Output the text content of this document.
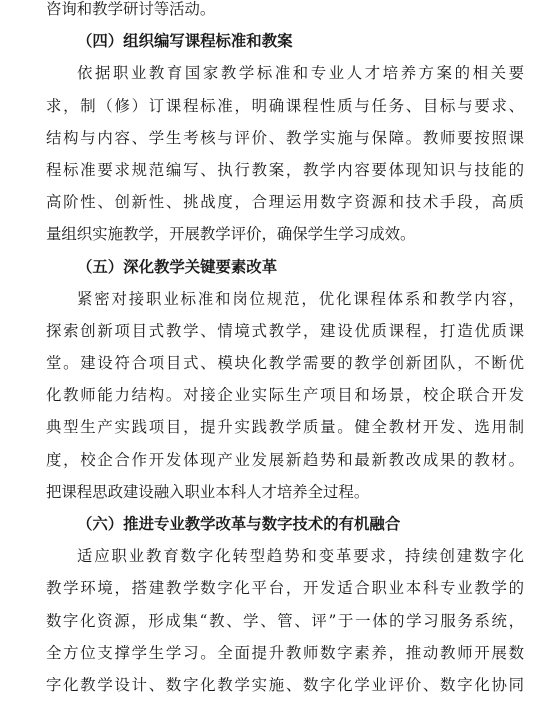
咨询和教学研讨等活动。
（四）组织编写课程标准和教案
依据职业教育国家教学标准和专业人才培养方案的相关要
求，制（修）订课程标准，明确课程性质与任务、目标与要求、
结构与内容、学生考核与评价、教学实施与保障。教师要按照课
程标准要求规范编写、执行教案，教学内容要体现知识与技能的
高阶性、创新性、挑战度，合理运用数字资源和技术手段，高质
量组织实施教学，开展教学评价，确保学生学习成效。
（五）深化教学关键要素改革
紧密对接职业标准和岗位规范，优化课程体系和教学内容，
探索创新项目式教学、情境式教学，建设优质课程，打造优质课
堂。建设符合项目式、模块化教学需要的教学创新团队，不断优
化教师能力结构。对接企业实际生产项目和场景，校企联合开发
典型生产实践项目，提升实践教学质量。健全教材开发、选用制
度，校企合作开发体现产业发展新趋势和最新教改成果的教材。
把课程思政建设融入职业本科人才培养全过程。
（六）推进专业教学改革与数字技术的有机融合
适应职业教育数字化转型趋势和变革要求，持续创建数字化
教学环境，搭建教学数字化平台，开发适合职业本科专业教学的
数字化资源，形成集“教、学、管、评”于一体的学习服务系统，
全方位支撑学生学习。全面提升教师数字素养，推动教师开展数
字化教学设计、数字化教学实施、数字化学业评价、数字化协同
